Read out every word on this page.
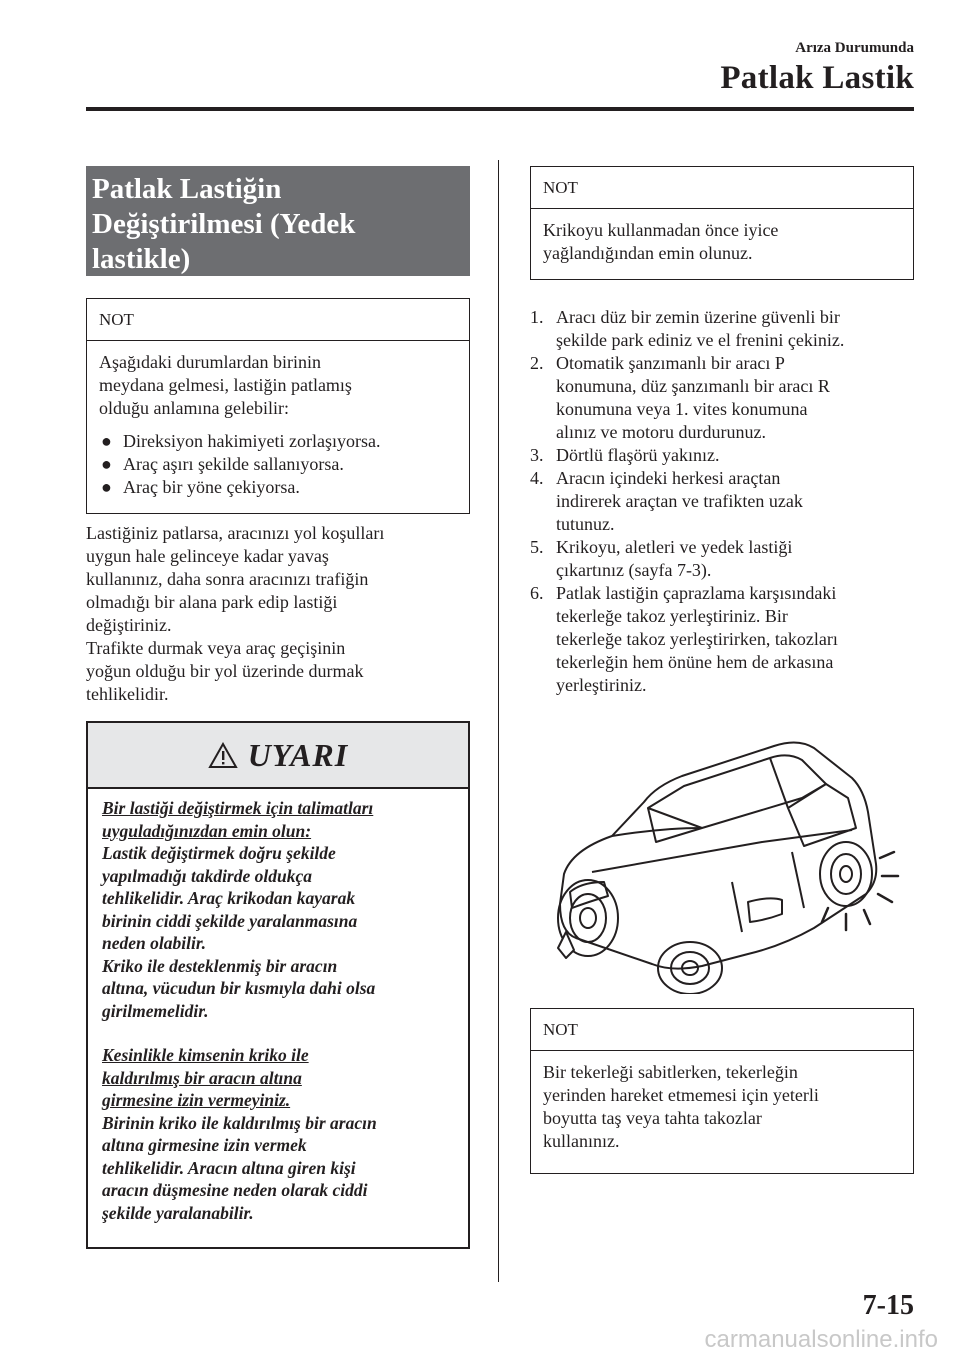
Arıza Durumunda
Patlak Lastik
Patlak Lastiğin
Değiştirilmesi (Yedek
lastikle)
NOT
Aşağıdaki durumlardan birinin
meydana gelmesi, lastiğin patlamış
olduğu anlamına gelebilir:
● Direksiyon hakimiyeti zorlaşıyorsa.
● Araç aşırı şekilde sallanıyorsa.
● Araç bir yöne çekiyorsa.
Lastiğiniz patlarsa, aracınızı yol koşulları
uygun hale gelinceye kadar yavaş
kullanınız, daha sonra aracınızı trafiğin
olmadığı bir alana park edip lastiği
değiştiriniz.
Trafikte durmak veya araç geçişinin
yoğun olduğu bir yol üzerinde durmak
tehlikelidir.
UYARI
Bir lastiği değiştirmek için talimatları
uyguladığınızdan emin olun:
Lastik değiştirmek doğru şekilde
yapılmadığı takdirde oldukça
tehlikelidir. Araç krikodan kayarak
birinin ciddi şekilde yaralanmasına
neden olabilir.
Kriko ile desteklenmiş bir aracın
altına, vücudun bir kısmıyla dahi olsa
girilmemelidir.
Kesinlikle kimsenin kriko ile
kaldırılmış bir aracın altına
girmesine izin vermeyiniz.
Birinin kriko ile kaldırılmış bir aracın
altına girmesine izin vermek
tehlikelidir. Aracın altına giren kişi
aracın düşmesine neden olarak ciddi
şekilde yaralanabilir.
NOT
Krikoyu kullanmadan önce iyice
yağlandığından emin olunuz.
1. Aracı düz bir zemin üzerine güvenli bir
şekilde park ediniz ve el frenini çekiniz.
2. Otomatik şanzımanlı bir aracı P
konumuna, düz şanzımanlı bir aracı R
konumuna veya 1. vites konumuna
alınız ve motoru durdurunuz.
3. Dörtlü flaşörü yakınız.
4. Aracın içindeki herkesi araçtan
indirerek araçtan ve trafikten uzak
tutunuz.
5. Krikoyu, aletleri ve yedek lastiği
çıkartınız (sayfa 7-3).
6. Patlak lastiğin çaprazlama karşısındaki
tekerleğe takoz yerleştiriniz. Bir
tekerleğe takoz yerleştirirken, takozları
tekerleğin hem önüne hem de arkasına
yerleştiriniz.
NOT
Bir tekerleği sabitlerken, tekerleğin
yerinden hareket etmemesi için yeterli
boyutta taş veya tahta takozlar
kullanınız.
7-15
carmanualsonline.info
